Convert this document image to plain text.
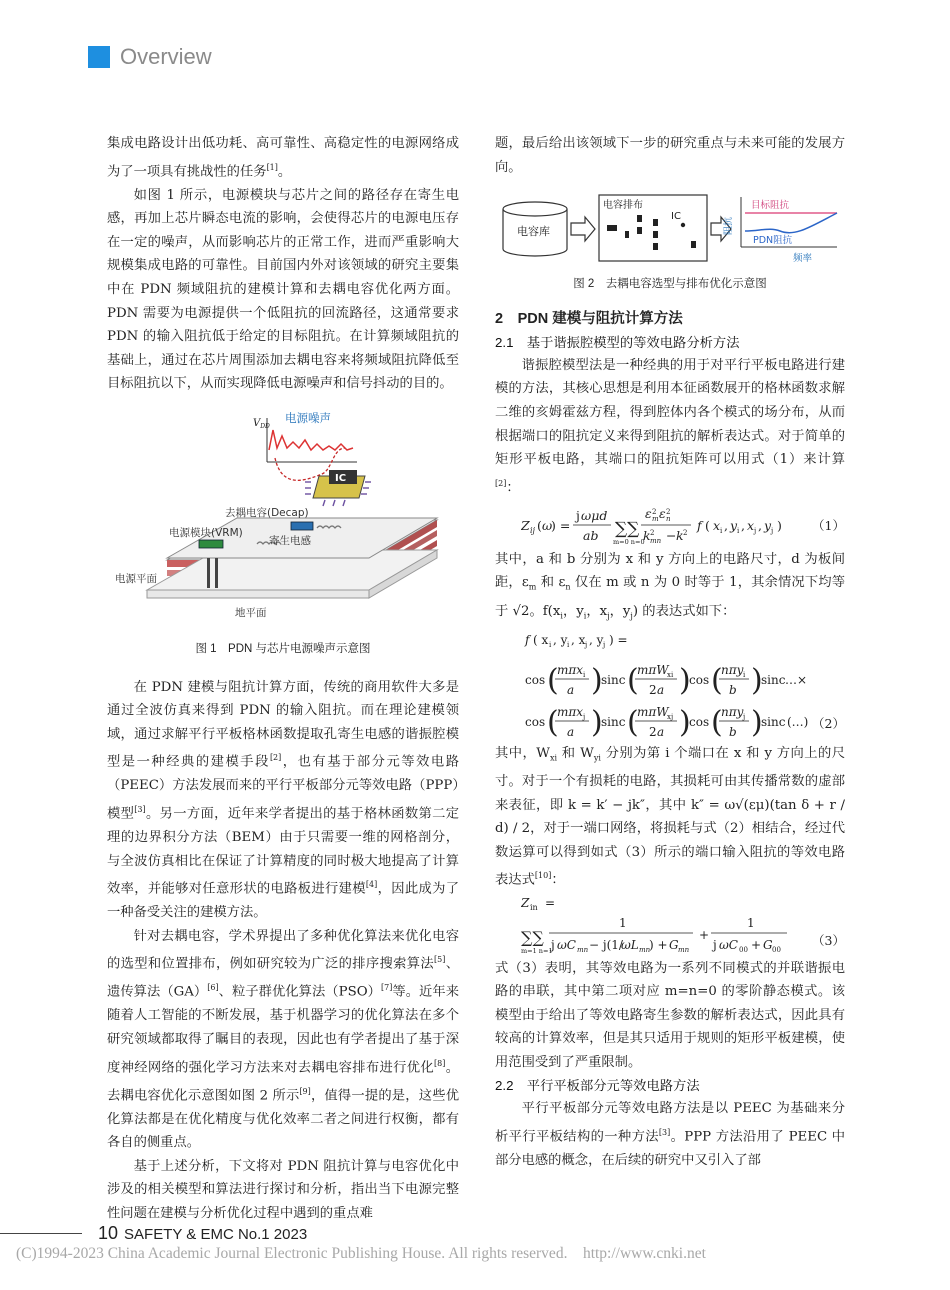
Overview

集成电路设计出低功耗、高可靠性、高稳定性的电源网络成为了一项具有挑战性的任务[1]。

如图 1 所示，电源模块与芯片之间的路径存在寄生电感，再加上芯片瞬态电流的影响，会使得芯片的电源电压存在一定的噪声，从而影响芯片的正常工作，进而严重影响大规模集成电路的可靠性。目前国内外对该领域的研究主要集中在 PDN 频域阻抗的建模计算和去耦电容优化两方面。PDN 需要为电源提供一个低阻抗的回流路径，这通常要求 PDN 的输入阻抗低于给定的目标阻抗。在计算频域阻抗的基础上，通过在芯片周围添加去耦电容来将频域阻抗降低至目标阻抗以下，从而实现降低电源噪声和信号抖动的目的。

$V_{DD}$
电源噪声
IC
去耦电容(Decap)
电源模块(VRM)
寄生电感
电源平面
地平面
图 1　PDN 与芯片电源噪声示意图

在 PDN 建模与阻抗计算方面，传统的商用软件大多是通过全波仿真来得到 PDN 的输入阻抗。而在理论建模领域，通过求解平行平板格林函数提取孔寄生电感的谐振腔模型是一种经典的建模手段[2]，也有基于部分元等效电路（PEEC）方法发展而来的平行平板部分元等效电路（PPP）模型[3]。另一方面，近年来学者提出的基于格林函数第二定理的边界积分方法（BEM）由于只需要一维的网格剖分，与全波仿真相比在保证了计算精度的同时极大地提高了计算效率，并能够对任意形状的电路板进行建模[4]，因此成为了一种备受关注的建模方法。

针对去耦电容，学术界提出了多种优化算法来优化电容的选型和位置排布，例如研究较为广泛的排序搜索算法[5]、遗传算法（GA）[6]、粒子群优化算法（PSO）[7]等。近年来随着人工智能的不断发展，基于机器学习的优化算法在多个研究领域都取得了瞩目的表现，因此也有学者提出了基于深度神经网络的强化学习方法来对去耦电容排布进行优化[8]。去耦电容优化示意图如图 2 所示[9]，值得一提的是，这些优化算法都是在优化精度与优化效率二者之间进行权衡，都有各自的侧重点。

基于上述分析，下文将对 PDN 阻抗计算与电容优化中涉及的相关模型和算法进行探讨和分析，指出当下电源完整性问题在建模与分析优化过程中遇到的重点难

题，最后给出该领域下一步的研究重点与未来可能的发展方向。

电容库
电容排布
IC
阻抗
目标阻抗
PDN阻抗
频率
图 2　去耦电容选型与排布优化示意图
2　PDN 建模与阻抗计算方法
2.1　基于谐振腔模型的等效电路分析方法

谐振腔模型法是一种经典的用于对平行平板电路进行建模的方法，其核心思想是利用本征函数展开的格林函数求解二维的亥姆霍兹方程，得到腔体内各个模式的场分布，从而根据端口的阻抗定义来得到阻抗的解析表达式。对于简单的矩形平板电路，其端口的阻抗矩阵可以用式（1）来计算[2]：

Z ij ( ω
) =
j ωμd
ab ∑∑
m=0 n=0
ε 2
m ε 2
n
k 2
mn − k 2 f ( x i , y i , x j , y j ) （1）

其中，a 和 b 分别为 x 和 y 方向上的电路尺寸，d 为板间距，$\varepsilon_m$ 和 $\varepsilon_n$ 仅在 m 或 n 为 0 时等于 1，其余情况下均等于 √2。$f(x_i$，$y_i$，$x_j$，$y_j$) 的表达式如下：

f ( x i , y i , x j , y j ) =
cos (
mπx i
a )
sinc (
mπW
xi
2 a )
cos (
nπy i
b )
sinc …×
cos (
mπx j
a )
sinc (
mπW
xj
2 a )
cos (
nπy j
b )
sinc (…) （2）

其中，$W_{xi}$ 和 $W_{yi}$ 分别为第 i 个端口在 x 和 y 方向上的尺寸。对于一个有损耗的电路，其损耗可由其传播常数的虚部来表征，即 k = k′ − jk″，其中 k″ = ω√(εμ)(tan δ + r / d) / 2，对于一端口网络，将损耗与式（2）相结合，经过代数运算可以得到如式（3）所示的端口输入阻抗的等效电路表达式[10]：

Z in =
∑∑
m=1 n=1
1
j ωC mn − j(1/
ωL mn
) + G mn
+
1
j ωC 00 + G 00
（3）

式（3）表明，其等效电路为一系列不同模式的并联谐振电路的串联，其中第二项对应 m=n=0 的零阶静态模式。该模型由于给出了等效电路寄生参数的解析表达式，因此具有较高的计算效率，但是其只适用于规则的矩形平板建模，使用范围受到了严重限制。

2.2　平行平板部分元等效电路方法

平行平板部分元等效电路方法是以 PEEC 为基础来分析平行平板结构的一种方法[3]。PPP 方法沿用了 PEEC 中部分电感的概念，在后续的研究中又引入了部

10 SAFETY & EMC No.1 2023
(C)1994-2023 China Academic Journal Electronic Publishing House. All rights reserved.　http://www.cnki.net
